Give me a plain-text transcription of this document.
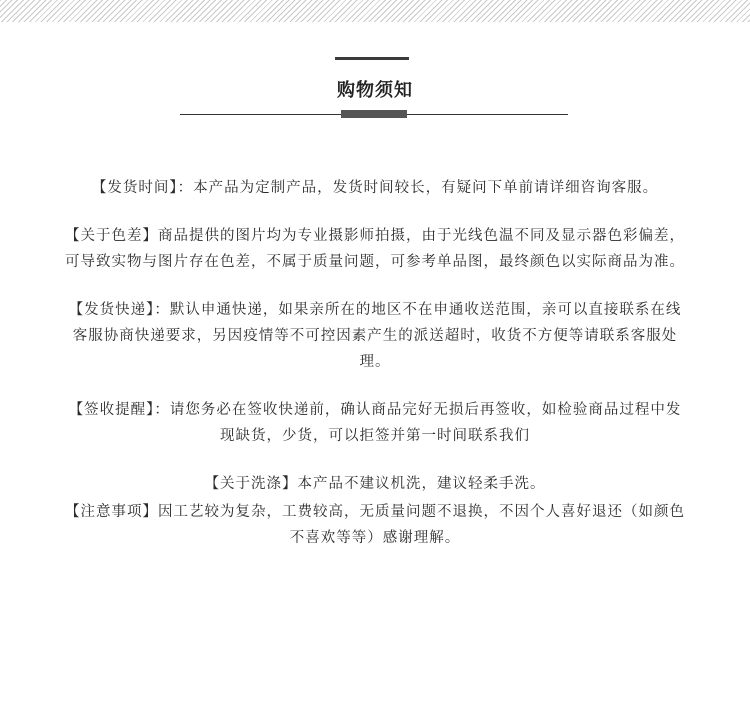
购物须知

【发货时间】：本产品为定制产品，发货时间较长，有疑问下单前请详细咨询客服。

【关于色差】商品提供的图片均为专业摄影师拍摄，由于光线色温不同及显示器色彩偏差，可导致实物与图片存在色差，不属于质量问题，可参考单品图，最终颜色以实际商品为准。

【发货快递】：默认申通快递，如果亲所在的地区不在申通收送范围，亲可以直接联系在线客服协商快递要求，另因疫情等不可控因素产生的派送超时，收货不方便等请联系客服处理。

【签收提醒】：请您务必在签收快递前，确认商品完好无损后再签收，如检验商品过程中发现缺货，少货，可以拒签并第一时间联系我们

【关于洗涤】本产品不建议机洗，建议轻柔手洗。

【注意事项】因工艺较为复杂，工费较高，无质量问题不退换，不因个人喜好退还（如颜色不喜欢等等）感谢理解。
